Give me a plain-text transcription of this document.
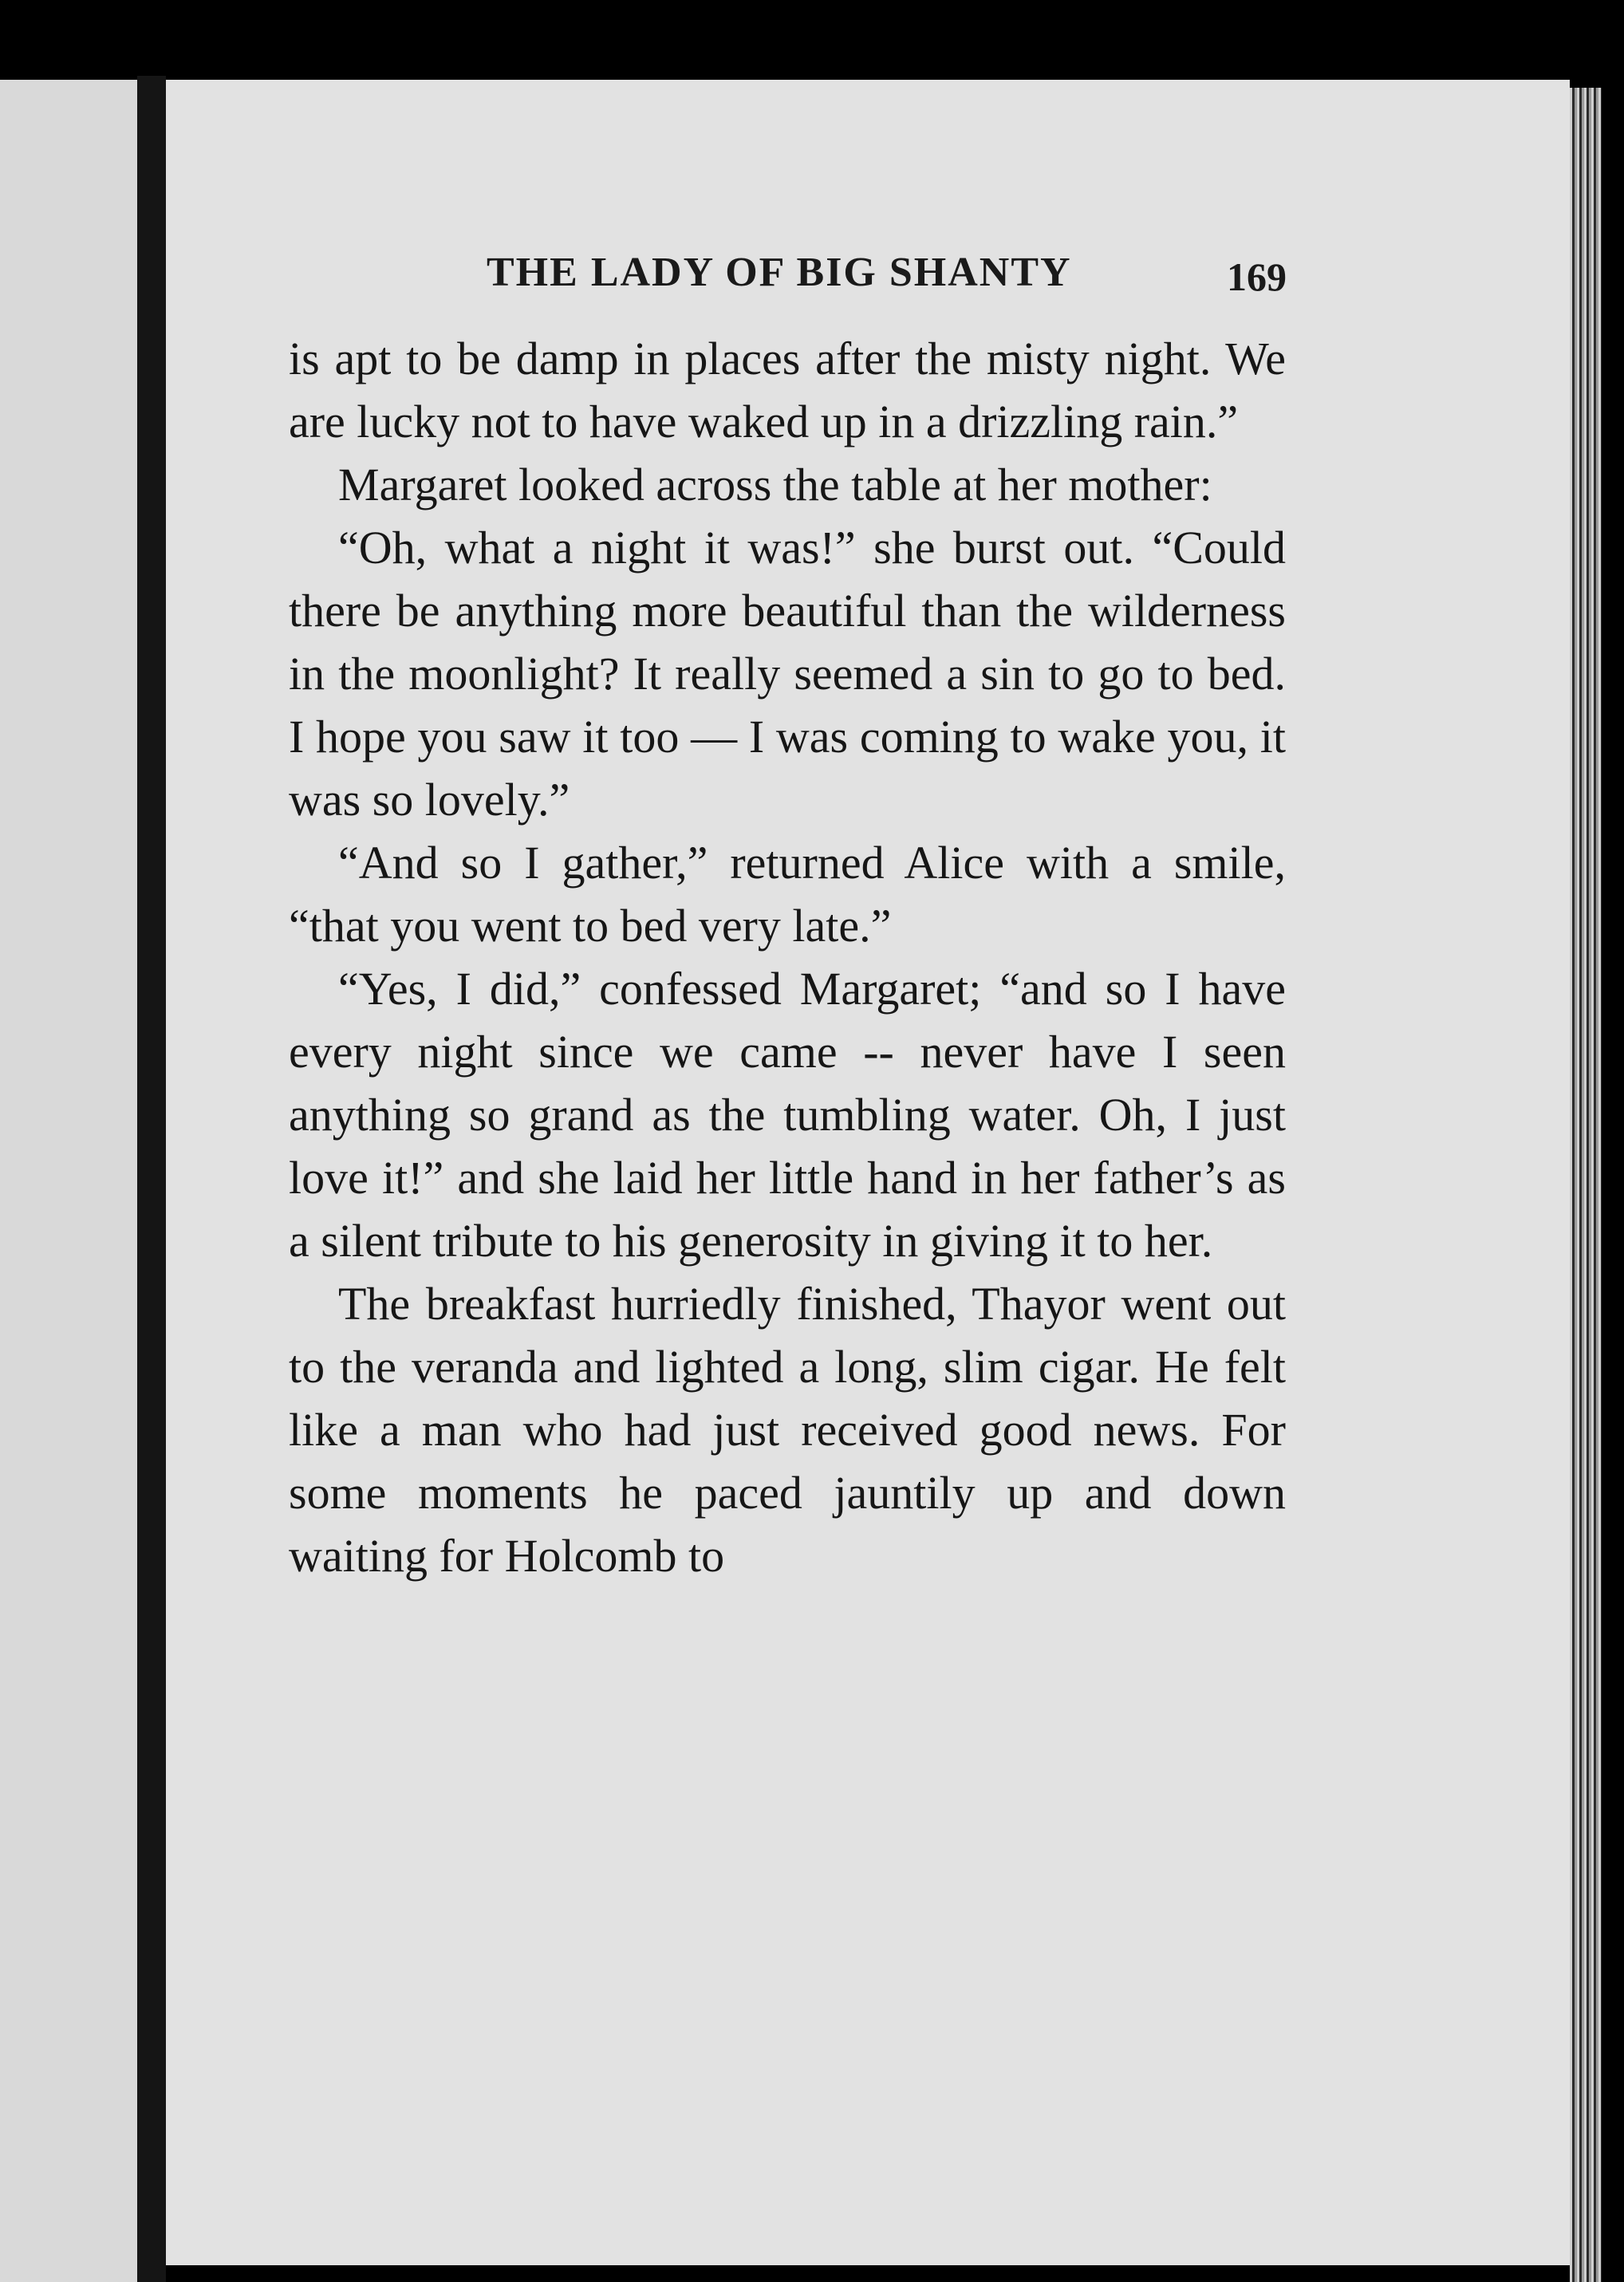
THE LADY OF BIG SHANTY	169

is apt to be damp in places after the misty night. We are lucky not to have waked up in a drizzling rain.”

Margaret looked across the table at her mother:

“Oh, what a night it was!” she burst out. “Could there be anything more beautiful than the wilderness in the moonlight? It really seemed a sin to go to bed. I hope you saw it too — I was coming to wake you, it was so lovely.”

“And so I gather,” returned Alice with a smile, “that you went to bed very late.”

“Yes, I did,” confessed Margaret; “and so I have every night since we came -- never have I seen anything so grand as the tumbling water. Oh, I just love it!” and she laid her little hand in her father’s as a silent tribute to his generosity in giving it to her.

The breakfast hurriedly finished, Thayor went out to the veranda and lighted a long, slim cigar. He felt like a man who had just received good news. For some moments he paced jauntily up and down waiting for Holcomb to
